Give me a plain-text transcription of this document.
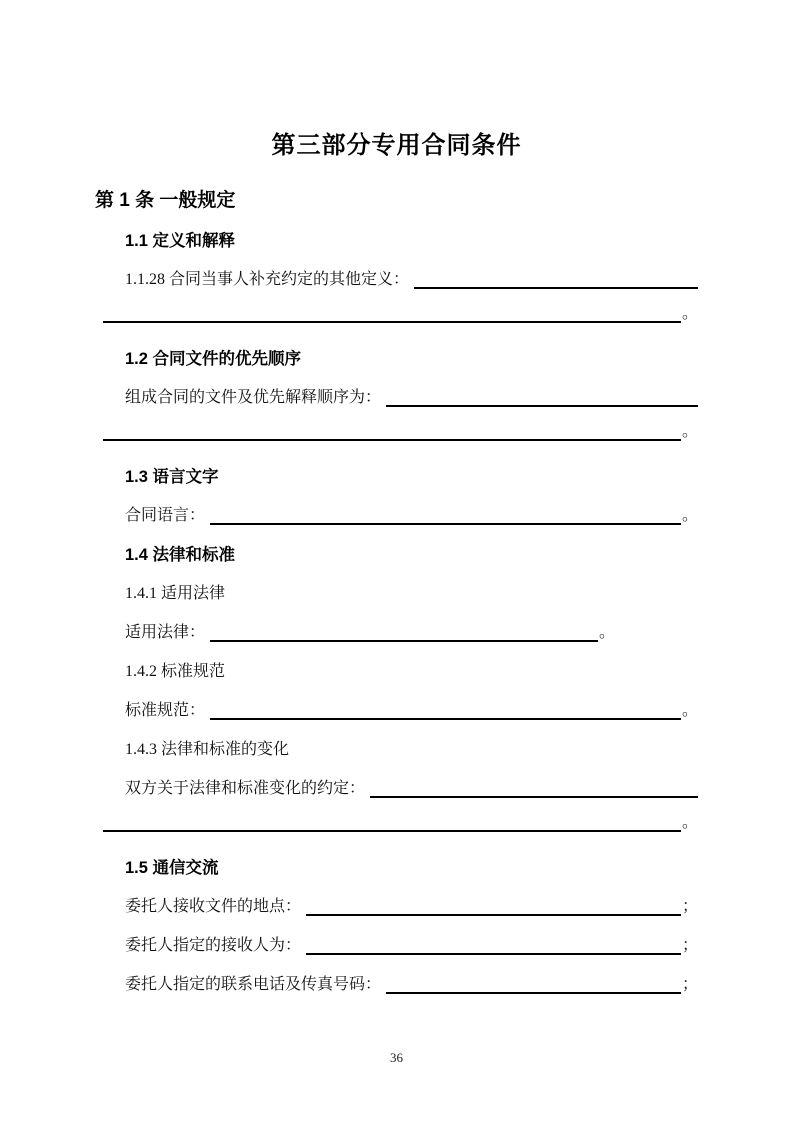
第三部分专用合同条件
第 1 条 一般规定
1.1 定义和解释
1.1.28 合同当事人补充约定的其他定义：
。
1.2 合同文件的优先顺序
组成合同的文件及优先解释顺序为：
。
1.3 语言文字
合同语言：	。
1.4 法律和标准
1.4.1 适用法律
适用法律：	。
1.4.2 标准规范
标准规范：	。
1.4.3 法律和标准的变化
双方关于法律和标准变化的约定：
。
1.5 通信交流
委托人接收文件的地点：	；
委托人指定的接收人为：	；
委托人指定的联系电话及传真号码：	；
36
